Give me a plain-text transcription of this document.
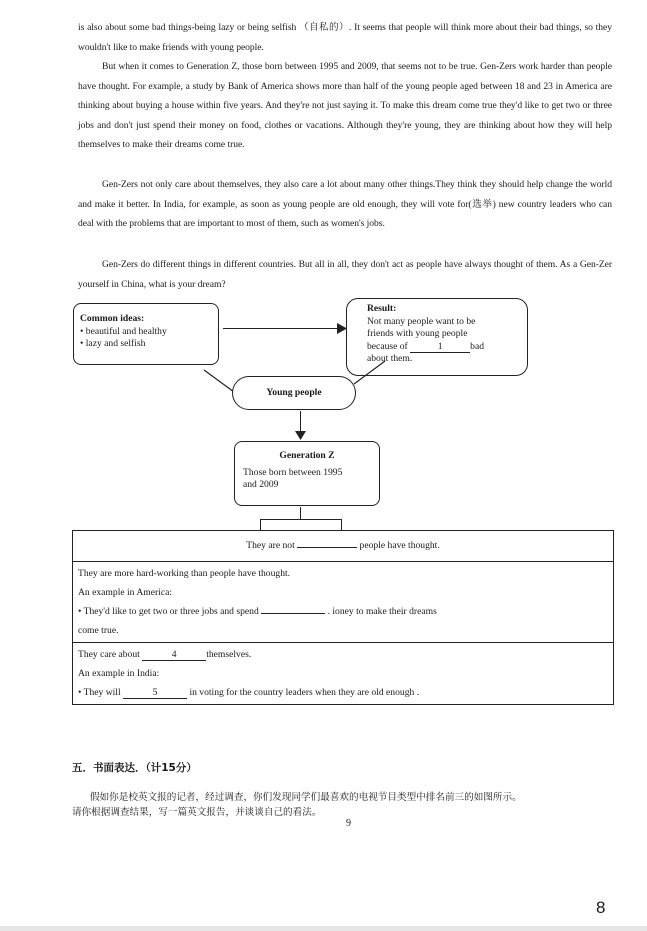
is also about some bad things-being lazy or being selfish （自私的）. It seems that people will think more about their bad things, so they wouldn't like to make friends with young people.

But when it comes to Generation Z, those born between 1995 and 2009, that seems not to be true. Gen-Zers work harder than people have thought. For example, a study by Bank of America shows more than half of the young people aged between 18 and 23 in America are thinking about buying a house within five years. And they're not just saying it. To make this dream come true they'd like to get two or three jobs and don't just spend their money on food, clothes or vacations. Although they're young, they are thinking about how they will help themselves to make their dreams come true.

Gen-Zers not only care about themselves, they also care a lot about many other things.They think they should help change the world and make it better. In India, for example, as soon as young people are old enough, they will vote for(选举) new country leaders who can deal with the problems that are important to most of them, such as women's jobs.

Gen-Zers do different things in different countries. But all in all, they don't act as people have always thought of them. As a Gen-Zer yourself in China, what is your dream?

Common ideas:
• beautiful and healthy
• lazy and selfish
Result:
Not many people want to be
friends with young people
because of	1	bad
about them.
Young people
Generation Z
Those born between 1995
and 2009
They are not	people have thought.

They are more hard-working than people have thought.
An example in America:
• They'd like to get two or three jobs and spend	. ioney to make their dreams
come true.

They care about	4	themselves.
An example in India:
• They will	5	in voting for the country leaders when they are old enough .
五．书面表达．（计15分）
假如你是校英文报的记者，经过调查，你们发现同学们最喜欢的电视节目类型中排名前三的如图所示。
请你根据调查结果，写一篇英文报告，并谈谈自己的看法。
9
8
